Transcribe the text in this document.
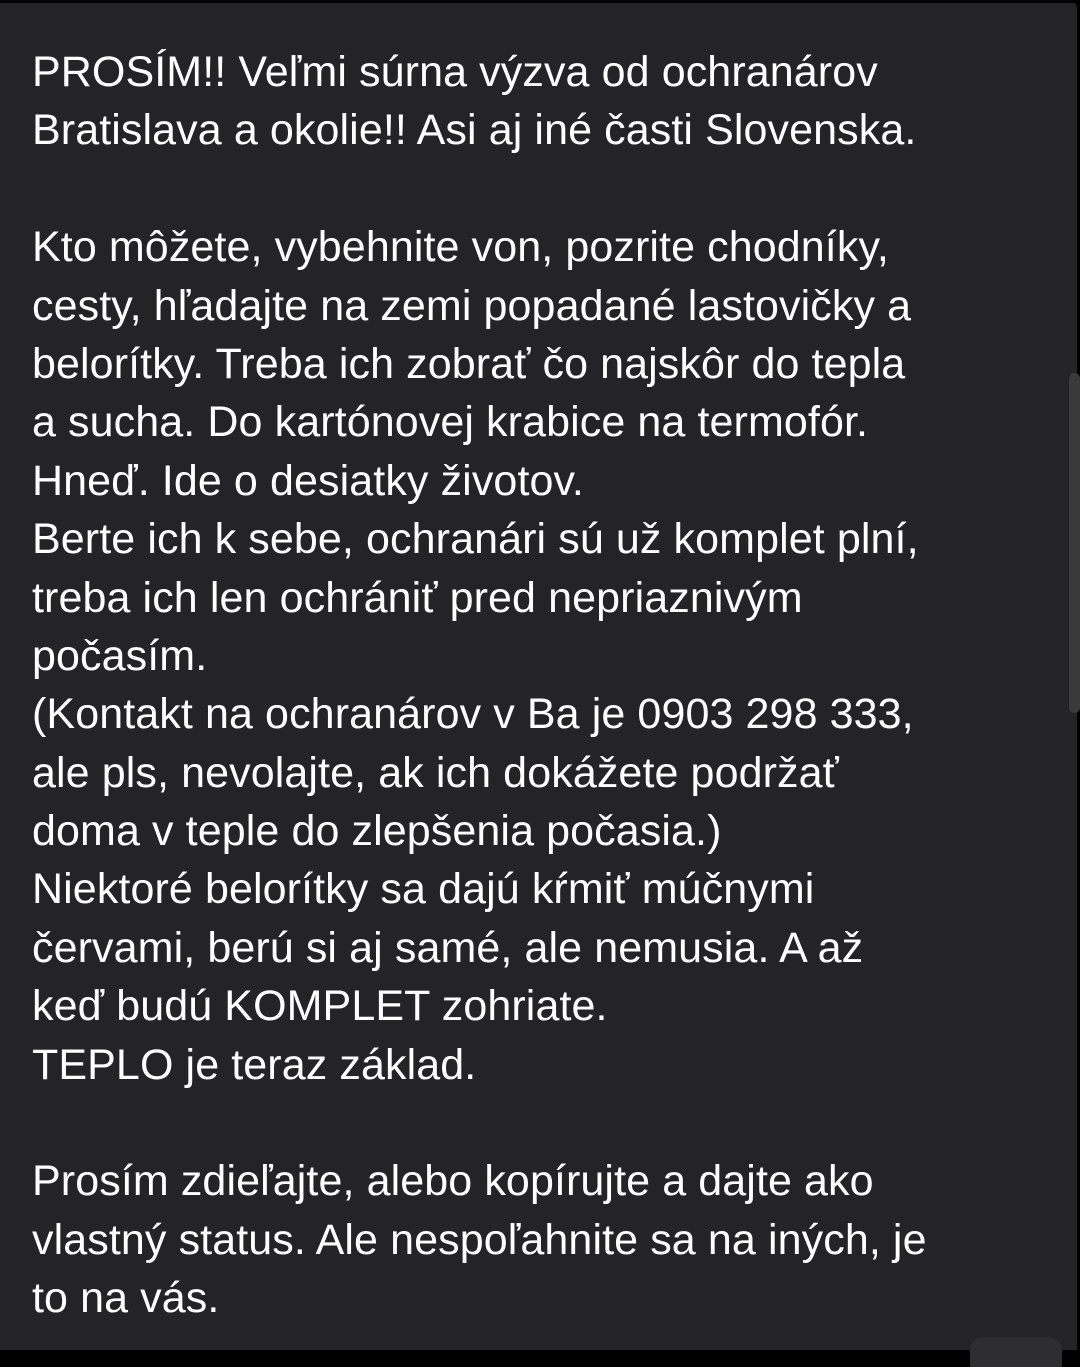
PROSÍM!! Veľmi súrna výzva od ochranárov
Bratislava a okolie!! Asi aj iné časti Slovenska.
Kto môžete, vybehnite von, pozrite chodníky,
cesty, hľadajte na zemi popadané lastovičky a
belorítky. Treba ich zobrať čo najskôr do tepla
a sucha. Do kartónovej krabice na termofór.
Hneď. Ide o desiatky životov.
Berte ich k sebe, ochranári sú už komplet plní,
treba ich len ochrániť pred nepriaznivým
počasím.
(Kontakt na ochranárov v Ba je 0903 298 333,
ale pls, nevolajte, ak ich dokážete podržať
doma v teple do zlepšenia počasia.)
Niektoré belorítky sa dajú kŕmiť múčnymi
červami, berú si aj samé, ale nemusia. A až
keď budú KOMPLET zohriate.
TEPLO je teraz základ.
Prosím zdieľajte, alebo kopírujte a dajte ako
vlastný status. Ale nespoľahnite sa na iných, je
to na vás.
